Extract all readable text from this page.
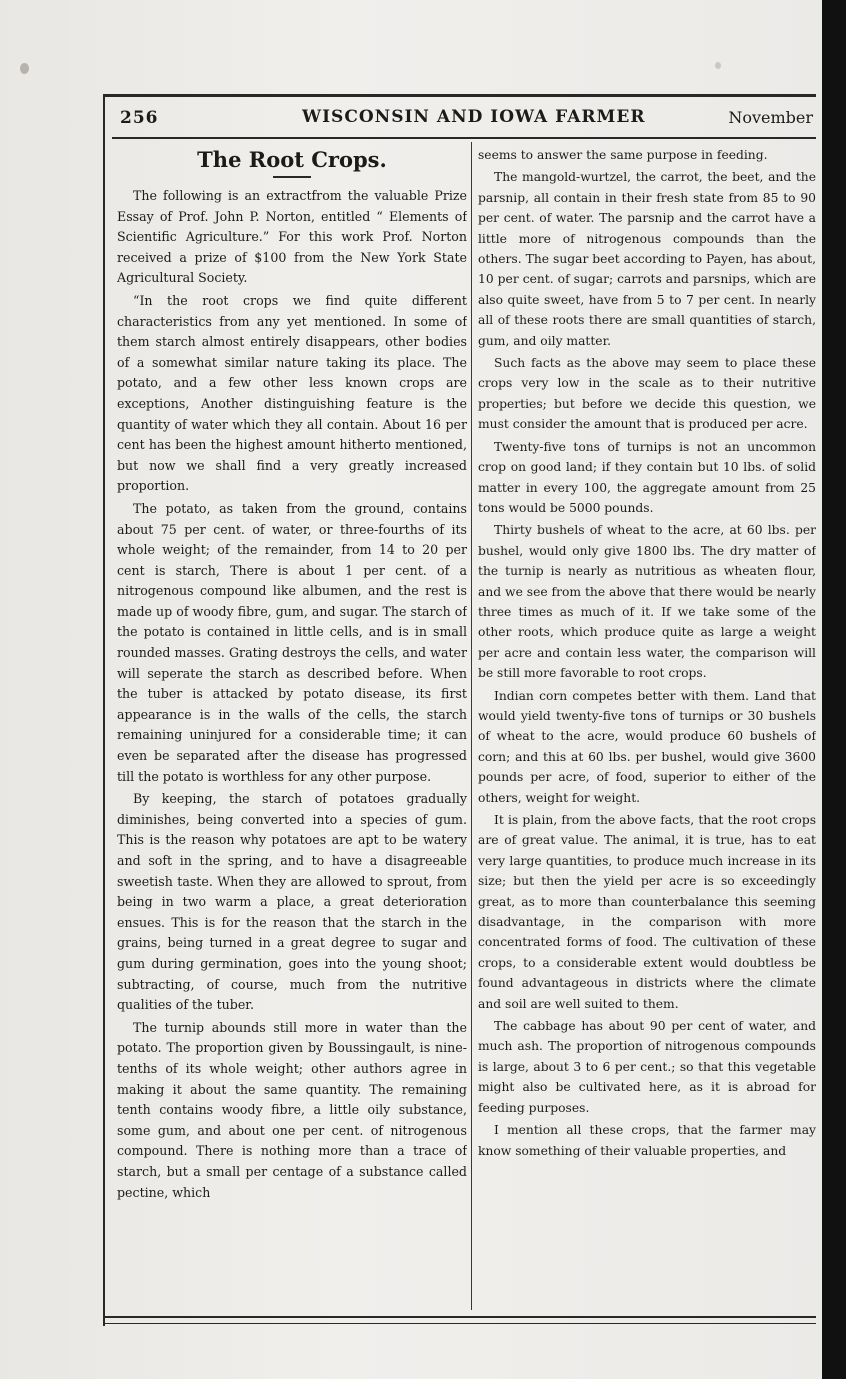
256	WISCONSIN AND IOWA FARMER	November
The Root Crops.

The following is an extractfrom the valuable Prize Essay of Prof. John P. Norton, entitled “ Elements of Scientific Agriculture.” For this work Prof. Norton received a prize of $100 from the New York State Agricultural Society.

“In the root crops we find quite different characteristics from any yet mentioned. In some of them starch almost entirely disappears, other bodies of a somewhat similar nature taking its place. The potato, and a few other less known crops are exceptions, Another distinguishing feature is the quantity of water which they all contain. About 16 per cent has been the highest amount hitherto mentioned, but now we shall find a very greatly increased proportion.

The potato, as taken from the ground, contains about 75 per cent. of water, or three-fourths of its whole weight; of the remainder, from 14 to 20 per cent is starch, There is about 1 per cent. of a nitrogenous compound like albumen, and the rest is made up of woody fibre, gum, and sugar. The starch of the potato is contained in little cells, and is in small rounded masses. Grating destroys the cells, and water will seperate the starch as described before. When the tuber is attacked by potato disease, its first appearance is in the walls of the cells, the starch remaining uninjured for a considerable time; it can even be separated after the disease has progressed till the potato is worthless for any other purpose.

By keeping, the starch of potatoes gradually diminishes, being converted into a species of gum. This is the reason why potatoes are apt to be watery and soft in the spring, and to have a disagreeable sweetish taste. When they are allowed to sprout, from being in two warm a place, a great deterioration ensues. This is for the reason that the starch in the grains, being turned in a great degree to sugar and gum during germination, goes into the young shoot; subtracting, of course, much from the nutritive qualities of the tuber.

The turnip abounds still more in water than the potato. The proportion given by Boussingault, is nine-tenths of its whole weight; other authors agree in making it about the same quantity. The remaining tenth contains woody fibre, a little oily substance, some gum, and about one per cent. of nitrogenous compound. There is nothing more than a trace of starch, but a small per centage of a substance called pectine, which

seems to answer the same purpose in feeding.

The mangold-wurtzel, the carrot, the beet, and the parsnip, all contain in their fresh state from 85 to 90 per cent. of water. The parsnip and the carrot have a little more of nitrogenous compounds than the others. The sugar beet according to Payen, has about, 10 per cent. of sugar; carrots and parsnips, which are also quite sweet, have from 5 to 7 per cent. In nearly all of these roots there are small quantities of starch, gum, and oily matter.

Such facts as the above may seem to place these crops very low in the scale as to their nutritive properties; but before we decide this question, we must consider the amount that is produced per acre.

Twenty-five tons of turnips is not an uncommon crop on good land; if they contain but 10 lbs. of solid matter in every 100, the aggregate amount from 25 tons would be 5000 pounds.

Thirty bushels of wheat to the acre, at 60 lbs. per bushel, would only give 1800 lbs. The dry matter of the turnip is nearly as nutritious as wheaten flour, and we see from the above that there would be nearly three times as much of it. If we take some of the other roots, which produce quite as large a weight per acre and contain less water, the comparison will be still more favorable to root crops.

Indian corn competes better with them. Land that would yield twenty-five tons of turnips or 30 bushels of wheat to the acre, would produce 60 bushels of corn; and this at 60 lbs. per bushel, would give 3600 pounds per acre, of food, superior to either of the others, weight for weight.

It is plain, from the above facts, that the root crops are of great value. The animal, it is true, has to eat very large quantities, to produce much increase in its size; but then the yield per acre is so exceedingly great, as to more than counterbalance this seeming disadvantage, in the comparison with more concentrated forms of food. The cultivation of these crops, to a considerable extent would doubtless be found advantageous in districts where the climate and soil are well suited to them.

The cabbage has about 90 per cent of water, and much ash. The proportion of nitrogenous compounds is large, about 3 to 6 per cent.; so that this vegetable might also be cultivated here, as it is abroad for feeding purposes.

I mention all these crops, that the farmer may know something of their valuable properties, and
